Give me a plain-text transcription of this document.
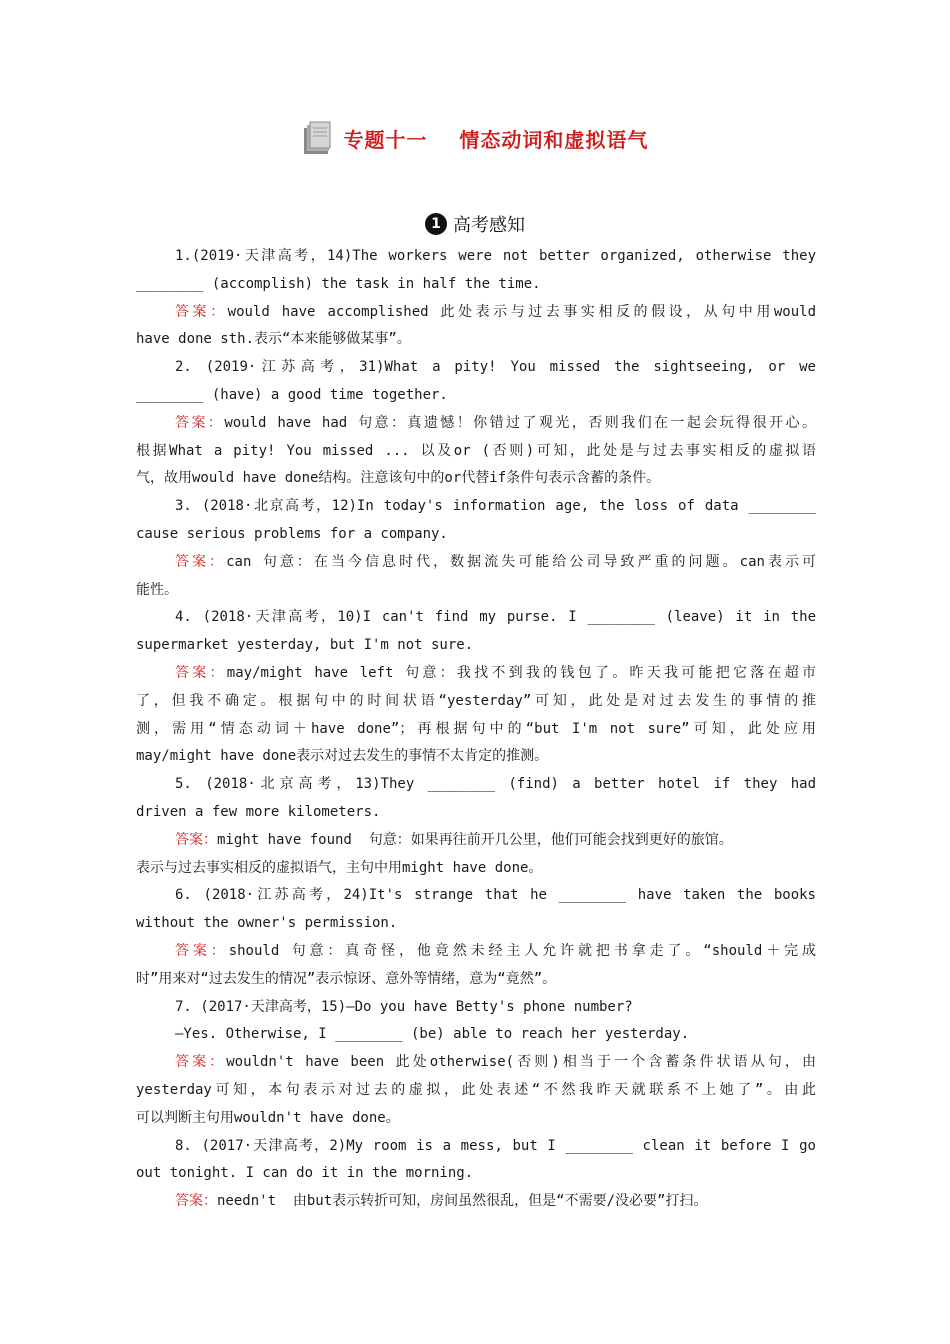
专题十一    情态动词和虚拟语气
1 高考感知
1.(2019·天津高考，14)The workers were not better organized, otherwise they
________ (accomplish) the task in half the time.
答案：would have accomplished 此处表示与过去事实相反的假设，从句中用would
have done sth.表示“本来能够做某事”。
2. (2019·江苏高考，31)What a pity! You missed the sightseeing, or we
________ (have) a good time together.
答案：would have had 句意：真遗憾！你错过了观光，否则我们在一起会玩得很开心。
根据What a pity! You missed ... 以及or (否则)可知，此处是与过去事实相反的虚拟语
气，故用would have done结构。注意该句中的or代替if条件句表示含蓄的条件。
3. (2018·北京高考，12)In today's information age, the loss of data ________
cause serious problems for a company.
答案：can 句意：在当今信息时代，数据流失可能给公司导致严重的问题。can表示可
能性。
4. (2018·天津高考，10)I can't find my purse. I ________ (leave) it in the
supermarket yesterday, but I'm not sure.
答案：may/might have left 句意：我找不到我的钱包了。昨天我可能把它落在超市
了，但我不确定。根据句中的时间状语“yesterday”可知，此处是对过去发生的事情的推
测，需用“情态动词＋have done”；再根据句中的“but I'm not sure”可知，此处应用
may/might have done表示对过去发生的事情不太肯定的推测。
5. (2018·北京高考，13)They ________ (find) a better hotel if they had
driven a few more kilometers.
答案：might have found  句意：如果再往前开几公里，他们可能会找到更好的旅馆。
表示与过去事实相反的虚拟语气，主句中用might have done。
6. (2018·江苏高考，24)It's strange that he ________ have taken the books
without the owner's permission.
答案：should 句意：真奇怪，他竟然未经主人允许就把书拿走了。“should＋完成
时”用来对“过去发生的情况”表示惊讶、意外等情绪，意为“竟然”。
7. (2017·天津高考，15)—Do you have Betty's phone number?
—Yes. Otherwise, I ________ (be) able to reach her yesterday.
答案：wouldn't have been 此处otherwise(否则)相当于一个含蓄条件状语从句，由
yesterday可知，本句表示对过去的虚拟，此处表述“不然我昨天就联系不上她了”。由此
可以判断主句用wouldn't have done。
8. (2017·天津高考，2)My room is a mess, but I ________ clean it before I go
out tonight. I can do it in the morning.
答案：needn't  由but表示转折可知，房间虽然很乱，但是“不需要/没必要”打扫。
